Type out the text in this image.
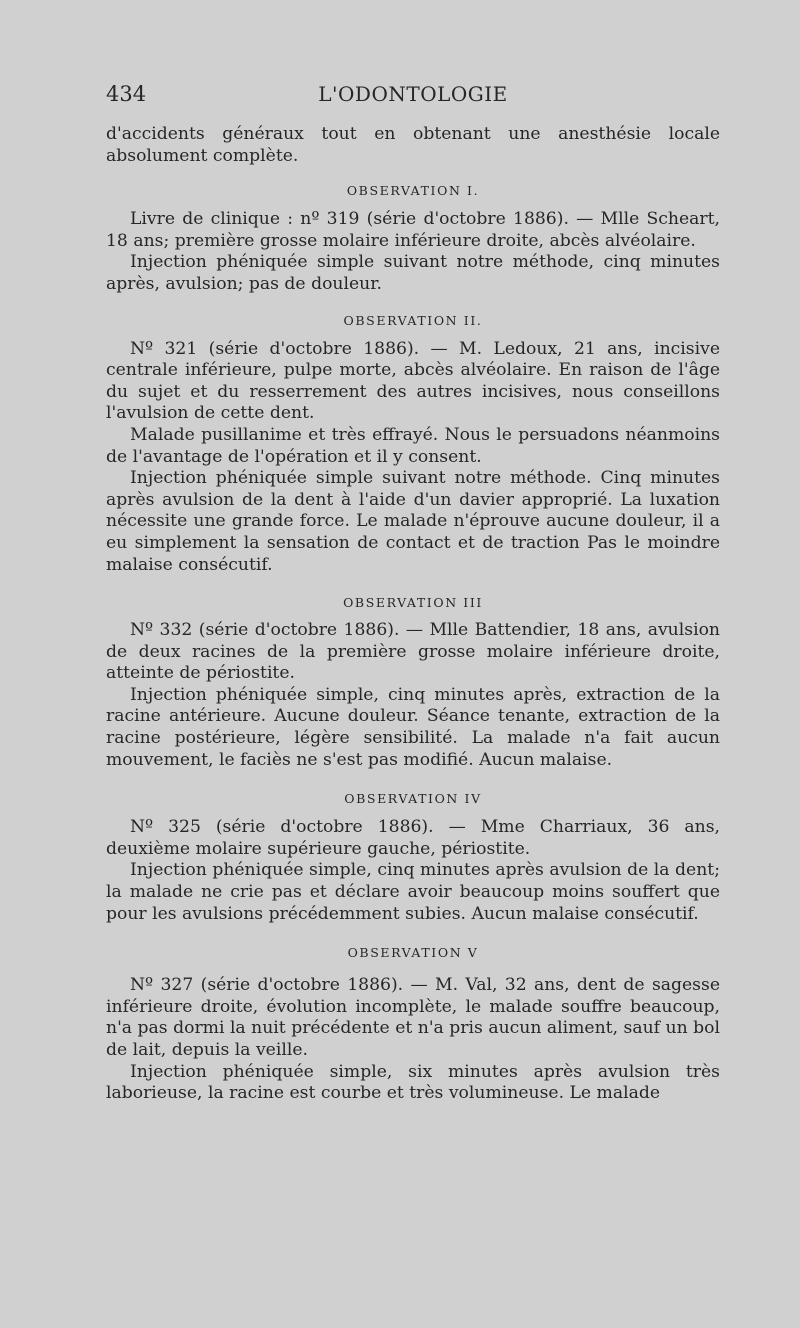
434	L'ODONTOLOGIE

d'accidents généraux tout en obtenant une anesthésie locale absolument complète.

OBSERVATION I.

Livre de clinique : nº 319 (série d'octobre 1886). — Mlle Scheart, 18 ans; première grosse molaire inférieure droite, abcès alvéolaire.

Injection phéniquée simple suivant notre méthode, cinq minutes après, avulsion; pas de douleur.

OBSERVATION II.

Nº 321 (série d'octobre 1886). — M. Ledoux, 21 ans, incisive centrale inférieure, pulpe morte, abcès alvéolaire. En raison de l'âge du sujet et du resserrement des autres incisives, nous conseillons l'avulsion de cette dent.

Malade pusillanime et très effrayé. Nous le persuadons néanmoins de l'avantage de l'opération et il y consent.

Injection phéniquée simple suivant notre méthode. Cinq minutes après avulsion de la dent à l'aide d'un davier approprié. La luxation nécessite une grande force. Le malade n'éprouve aucune douleur, il a eu simplement la sensation de contact et de traction Pas le moindre malaise consécutif.

OBSERVATION III

Nº 332 (série d'octobre 1886). — Mlle Battendier, 18 ans, avulsion de deux racines de la première grosse molaire inférieure droite, atteinte de périostite.

Injection phéniquée simple, cinq minutes après, extraction de la racine antérieure. Aucune douleur. Séance tenante, extraction de la racine postérieure, légère sensibilité. La malade n'a fait aucun mouvement, le faciès ne s'est pas modifié. Aucun malaise.

OBSERVATION IV

Nº 325 (série d'octobre 1886). — Mme Charriaux, 36 ans, deuxième molaire supérieure gauche, périostite.

Injection phéniquée simple, cinq minutes après avulsion de la dent; la malade ne crie pas et déclare avoir beaucoup moins souffert que pour les avulsions précédemment subies. Aucun malaise consécutif.

OBSERVATION V

Nº 327 (série d'octobre 1886). — M. Val, 32 ans, dent de sagesse inférieure droite, évolution incomplète, le malade souffre beaucoup, n'a pas dormi la nuit précédente et n'a pris aucun aliment, sauf un bol de lait, depuis la veille.

Injection phéniquée simple, six minutes après avulsion très laborieuse, la racine est courbe et très volumineuse. Le malade
